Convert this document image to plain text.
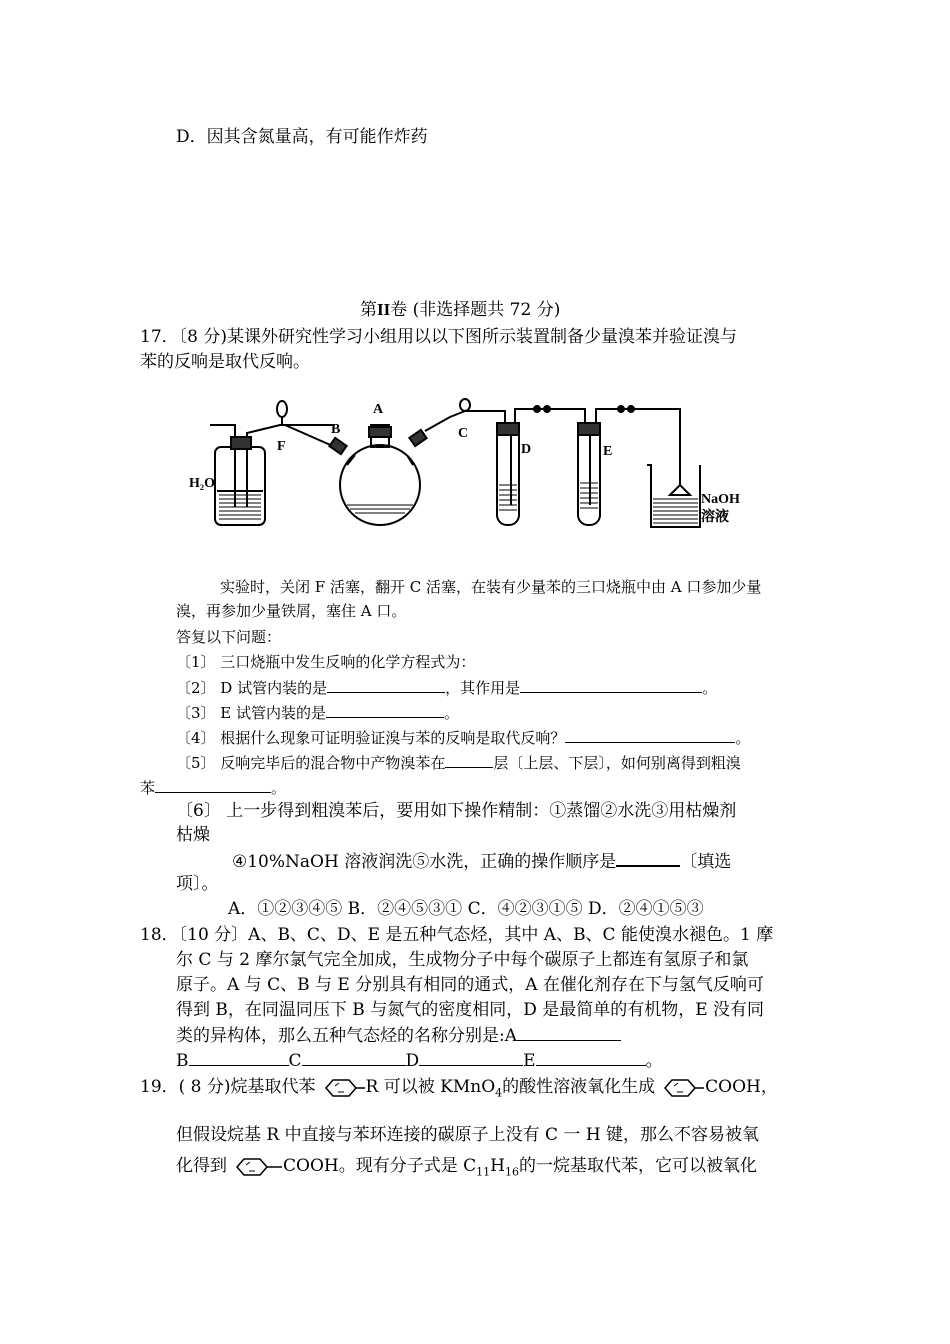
D．因其含氮量高，有可能作炸药
第II卷 (非选择题共 72 分)
17．〔8 分)某课外研究性学习小组用以以下图所示装置制备少量溴苯并验证溴与
苯的反响是取代反响。
H₂O
F
B
A
C
D	E
NaOH
溶液
实验时，关闭 F 活塞，翻开 C 活塞，在装有少量苯的三口烧瓶中由 A 口参加少量
溴，再参加少量铁屑，塞住 A 口。
答复以下问题：
〔1〕 三口烧瓶中发生反响的化学方程式为：
〔2〕 D 试管内装的是	，其作用是	。
〔3〕 E 试管内装的是	。
〔4〕 根据什么现象可证明验证溴与苯的反响是取代反响？	。
〔5〕 反响完毕后的混合物中产物溴苯在	层〔上层、下层〕，如何别离得到粗溴
苯	。
〔6〕 上一步得到粗溴苯后，要用如下操作精制：①蒸馏②水洗③用枯燥剂
枯燥
④10%NaOH 溶液润洗⑤水洗，正确的操作顺序是	〔填选
项〕。
A．①②③④⑤ B．②④⑤③① C．④②③①⑤ D．②④①⑤③
18．〔10 分〕A、B、C、D、E 是五种气态烃，其中 A、B、C 能使溴水褪色。1 摩
尔 C 与 2 摩尔氯气完全加成，生成物分子中每个碳原子上都连有氢原子和氯
原子。A 与 C、B 与 E 分别具有相同的通式，A 在催化剂存在下与氢气反响可
得到 B，在同温同压下 B 与氮气的密度相同，D 是最简单的有机物，E 没有同
类的异构体，那么五种气态烃的名称分别是:A
B	C	D	E	。
19．( 8 分)烷基取代苯	R 可以被 KMnO$_4$的酸性溶液氧化生成	COOH，
但假设烷基 R 中直接与苯环连接的碳原子上没有 C 一 H 键，那么不容易被氧
化得到	COOH。现有分子式是 $C_{11}H_{16}$的一烷基取代苯，它可以被氧化
